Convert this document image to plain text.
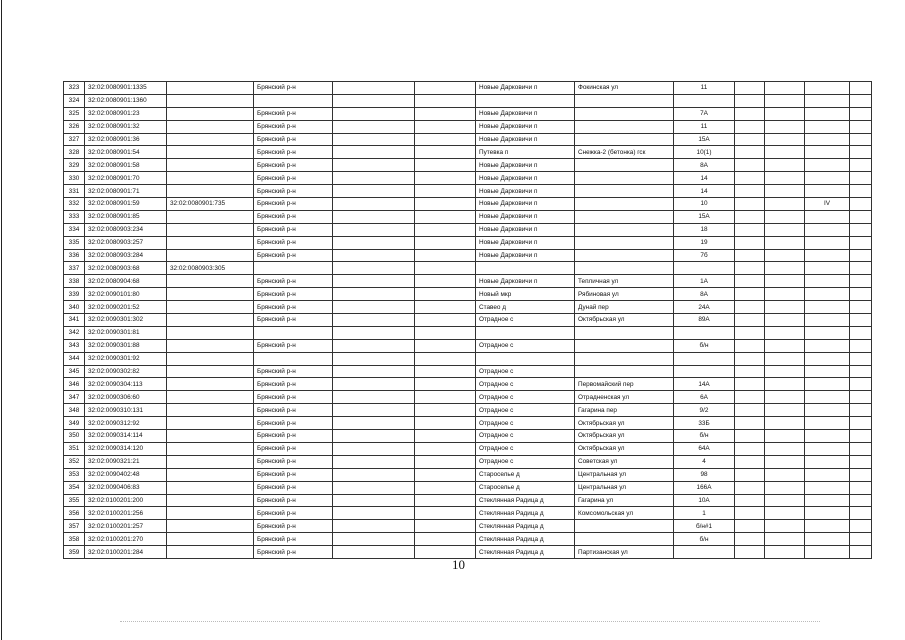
323	32:02:0080901:1335		Брянский р-н			Новые Дарковичи п	Фокинская ул	11				
324	32:02:0080901:1360											
325	32:02:0080901:23		Брянский р-н			Новые Дарковичи п		7А				
326	32:02:0080901:32		Брянский р-н			Новые Дарковичи п		11				
327	32:02:0080901:36		Брянский р-н			Новые Дарковичи п		15А				
328	32:02:0080901:54		Брянский р-н			Путевка п	Снежка-2 (бетонка) гск	10(1)				
329	32:02:0080901:58		Брянский р-н			Новые Дарковичи п		8А				
330	32:02:0080901:70		Брянский р-н			Новые Дарковичи п		14				
331	32:02:0080901:71		Брянский р-н			Новые Дарковичи п		14				
332	32:02:0080901:59	32:02:0080901:735	Брянский р-н			Новые Дарковичи п		10			IV	
333	32:02:0080901:85		Брянский р-н			Новые Дарковичи п		15А				
334	32:02:0080903:234		Брянский р-н			Новые Дарковичи п		18				
335	32:02:0080903:257		Брянский р-н			Новые Дарковичи п		19				
336	32:02:0080903:284		Брянский р-н			Новые Дарковичи п		7б				
337	32:02:0080903:68	32:02:0080903:305										
338	32:02:0080904:68		Брянский р-н			Новые Дарковичи п	Тепличная ул	1А				
339	32:02:0090101:80		Брянский р-н			Новый мкр	Рябиновая ул	8А				
340	32:02:0090201:52		Брянский р-н			Ставео д	Дунай пер	24А				
341	32:02:0090301:302		Брянский р-н			Отрадное с	Октябрьская ул	89А				
342	32:02:0090301:81											
343	32:02:0090301:88		Брянский р-н			Отрадное с		б/н				
344	32:02:0090301:92											
345	32:02:0090302:82		Брянский р-н			Отрадное с						
346	32:02:0090304:113		Брянский р-н			Отрадное с	Первомайский пер	14А				
347	32:02:0090306:60		Брянский р-н			Отрадное с	Отрадненская ул	6А				
348	32:02:0090310:131		Брянский р-н			Отрадное с	Гагарина пер	9/2				
349	32:02:0090312:92		Брянский р-н			Отрадное с	Октябрьская ул	33Б				
350	32:02:0090314:114		Брянский р-н			Отрадное с	Октябрьская ул	б/н				
351	32:02:0090314:120		Брянский р-н			Отрадное с	Октябрьская ул	64А				
352	32:02:0090321:21		Брянский р-н			Отрадное с	Советская ул	4				
353	32:02:0090402:48		Брянский р-н			Старосельe д	Центральная ул	98				
354	32:02:0090406:83		Брянский р-н			Старосельe д	Центральная ул	166А				
355	32:02:0100201:200		Брянский р-н			Стеклянная Радица д	Гагарина ул	10А				
356	32:02:0100201:256		Брянский р-н			Стеклянная Радица д	Комсомольская ул	1				
357	32:02:0100201:257		Брянский р-н			Стеклянная Радица д		б/н#1				
358	32:02:0100201:270		Брянский р-н			Стеклянная Радица д		б/н				
359	32:02:0100201:284		Брянский р-н			Стеклянная Радица д	Партизанская ул					
10
